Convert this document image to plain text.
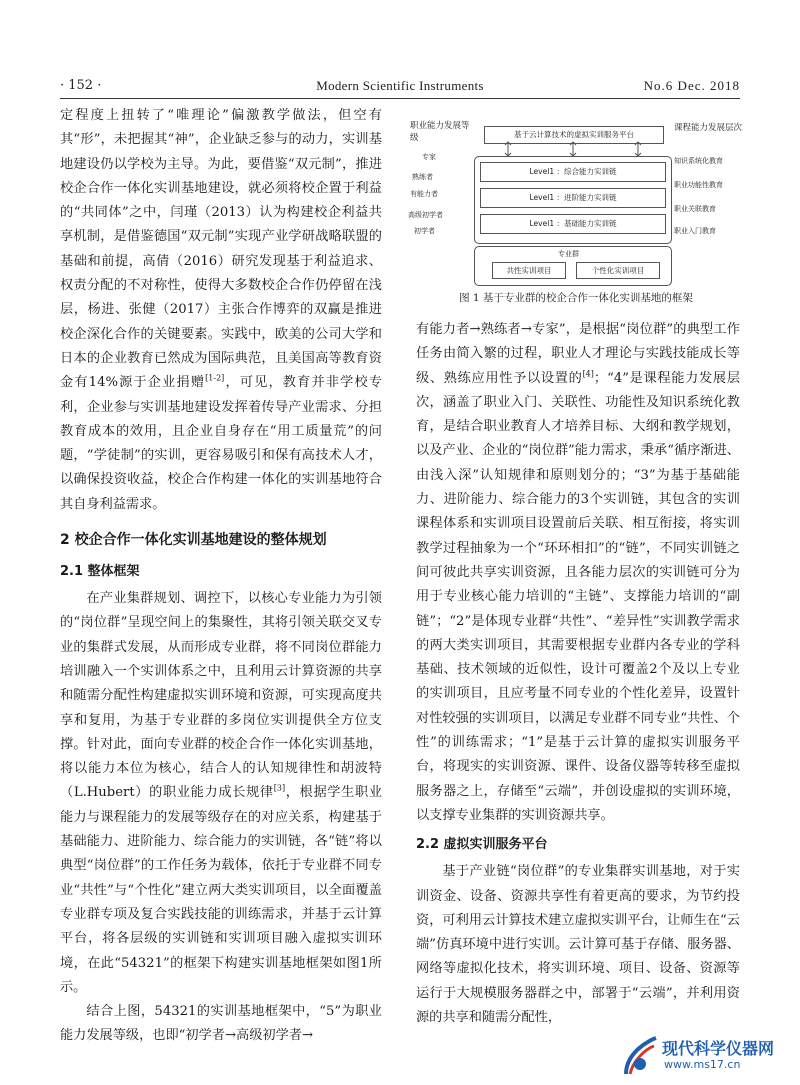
· 152 ·	Modern Scientific Instruments	No.6 Dec. 2018

定程度上扭转了“唯理论”偏激教学做法，但空有其“形”，未把握其“神”，企业缺乏参与的动力，实训基地建设仍以学校为主导。为此，要借鉴“双元制”，推进校企合作一体化实训基地建设，就必须将校企置于利益的“共同体”之中，闫瑾（2013）认为构建校企利益共享机制，是借鉴德国“双元制”实现产业学研战略联盟的基础和前提，高倩（2016）研究发现基于利益追求、权责分配的不对称性，使得大多数校企合作仍停留在浅层，杨进、张健（2017）主张合作博弈的双赢是推进校企深化合作的关键要素。实践中，欧美的公司大学和日本的企业教育已然成为国际典范，且美国高等教育资金有14%源于企业捐赠[1-2]，可见，教育并非学校专利，企业参与实训基地建设发挥着传导产业需求、分担教育成本的效用，且企业自身存在“用工质量荒”的问题，“学徒制”的实训，更容易吸引和保有高技术人才，以确保投资收益，校企合作构建一体化的实训基地符合其自身利益需求。

2 校企合作一体化实训基地建设的整体规划

2.1 整体框架

在产业集群规划、调控下，以核心专业能力为引领的“岗位群”呈现空间上的集聚性，其将引领关联交叉专业的集群式发展，从而形成专业群，将不同岗位群能力培训融入一个实训体系之中，且利用云计算资源的共享和随需分配性构建虚拟实训环境和资源，可实现高度共享和复用，为基于专业群的多岗位实训提供全方位支撑。针对此，面向专业群的校企合作一体化实训基地，将以能力本位为核心，结合人的认知规律性和胡波特（L.Hubert）的职业能力成长规律[3]，根据学生职业能力与课程能力的发展等级存在的对应关系，构建基于基础能力、进阶能力、综合能力的实训链，各“链”将以典型“岗位群”的工作任务为载体，依托于专业群不同专业“共性”与“个性化”建立两大类实训项目，以全面覆盖专业群专项及复合实践技能的训练需求，并基于云计算平台，将各层级的实训链和实训项目融入虚拟实训环境，在此“54321”的框架下构建实训基地框架如图1所示。

结合上图，54321的实训基地框架中，“5”为职业能力发展等级，也即“初学者→高级初学者→

职业能力发展等级
课程能力发展层次
专家
熟练者
有能力者
高级初学者
初学者
知识系统化教育
职业功能性教育
职业关联教育
职业入门教育
基于云计算技术的虚拟实训服务平台
Level1 ：综合能力实训链
Level1 ：进阶能力实训链
Level1 ：基础能力实训链
专业群
共性实训项目	个性化实训项目
图 1 基于专业群的校企合作一体化实训基地的框架

有能力者→熟练者→专家”，是根据“岗位群”的典型工作任务由简入繁的过程，职业人才理论与实践技能成长等级、熟练应用性予以设置的[4]；“4”是课程能力发展层次，涵盖了职业入门、关联性、功能性及知识系统化教育，是结合职业教育人才培养目标、大纲和教学规划，以及产业、企业的“岗位群”能力需求，秉承“循序渐进、由浅入深”认知规律和原则划分的；“3”为基于基础能力、进阶能力、综合能力的3个实训链，其包含的实训课程体系和实训项目设置前后关联、相互衔接，将实训教学过程抽象为一个“环环相扣”的“链”，不同实训链之间可彼此共享实训资源，且各能力层次的实训链可分为用于专业核心能力培训的“主链”、支撑能力培训的“副链”；“2”是体现专业群“共性”、“差异性”实训教学需求的两大类实训项目，其需要根据专业群内各专业的学科基础、技术领域的近似性，设计可覆盖2个及以上专业的实训项目，且应考量不同专业的个性化差异，设置针对性较强的实训项目，以满足专业群不同专业“共性、个性”的训练需求；“1”是基于云计算的虚拟实训服务平台，将现实的实训资源、课件、设备仪器等转移至虚拟服务器之上，存储至“云端”，并创设虚拟的实训环境，以支撑专业集群的实训资源共享。

2.2 虚拟实训服务平台

基于产业链“岗位群”的专业集群实训基地，对于实训资金、设备、资源共享性有着更高的要求，为节约投资，可利用云计算技术建立虚拟实训平台，让师生在“云端”仿真环境中进行实训。云计算可基于存储、服务器、网络等虚拟化技术，将实训环境、项目、设备、资源等运行于大规模服务器群之中，部署于“云端”，并利用资源的共享和随需分配性，

现代科学仪器网
www.ms17.cn
